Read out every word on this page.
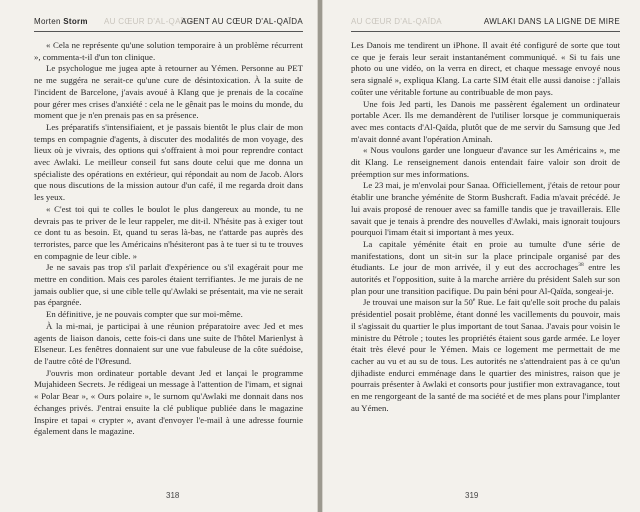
Morten Storm AU CŒUR D'AL-QAÏDA
AGENT AU CŒUR D'AL-QAÏDA

« Cela ne représente qu'une solution temporaire à un problème récurrent », commenta-t-il d'un ton clinique.

Le psychologue me jugea apte à retourner au Yémen. Personne au PET ne me suggéra ne serait-ce qu'une cure de désintoxication. À la suite de l'incident de Barcelone, j'avais avoué à Klang que je prenais de la cocaïne pour gérer mes crises d'anxiété : cela ne le gênait pas le moins du monde, du moment que je n'en prenais pas en sa présence.

Les préparatifs s'intensifiaient, et je passais bientôt le plus clair de mon temps en compagnie d'agents, à discuter des modalités de mon voyage, des lieux où je vivrais, des options qui s'offraient à moi pour reprendre contact avec Awlaki. Le meilleur conseil fut sans doute celui que me donna un spécialiste des opérations en extérieur, qui répondait au nom de Jacob. Alors que nous discutions de la mission autour d'un café, il me regarda droit dans les yeux.

« C'est toi qui te colles le boulot le plus dangereux au monde, tu ne devrais pas te priver de le leur rappeler, me dit-il. N'hésite pas à exiger tout ce dont tu as besoin. Et, quand tu seras là-bas, ne t'attarde pas auprès des terroristes, parce que les Américains n'hésiteront pas à te tuer si tu te trouves en compagnie de leur cible. »

Je ne savais pas trop s'il parlait d'expérience ou s'il exagérait pour me mettre en condition. Mais ces paroles étaient terrifiantes. Je me jurais de ne jamais oublier que, si une cible telle qu'Awlaki se présentait, ma vie ne serait pas épargnée.

En définitive, je ne pouvais compter que sur moi-même.

À la mi-mai, je participai à une réunion préparatoire avec Jed et mes agents de liaison danois, cette fois-ci dans une suite de l'hôtel Marienlyst à Elseneur. Les fenêtres donnaient sur une vue fabuleuse de la côte suédoise, de l'autre côté de l'Øresund.

J'ouvris mon ordinateur portable devant Jed et lançai le programme Mujahideen Secrets. Je rédigeai un message à l'attention de l'imam, et signai « Polar Bear », « Ours polaire », le surnom qu'Awlaki me donnait dans nos échanges privés. J'entrai ensuite la clé publique publiée dans le magazine Inspire et tapai « crypter », avant d'envoyer l'e-mail à une adresse fournie également dans le magazine.

318
AU CŒUR D'AL-QAÏDA	AWLAKI DANS LA LIGNE DE MIRE

Les Danois me tendirent un iPhone. Il avait été configuré de sorte que tout ce que je ferais leur serait instantanément communiqué. « Si tu fais une photo ou une vidéo, on la verra en direct, et chaque message envoyé nous sera signalé », expliqua Klang. La carte SIM était elle aussi danoise : j'allais coûter une véritable fortune au contribuable de mon pays.

Une fois Jed parti, les Danois me passèrent également un ordinateur portable Acer. Ils me demandèrent de l'utiliser lorsque je communiquerais avec mes contacts d'Al-Qaïda, plutôt que de me servir du Samsung que Jed m'avait donné avant l'opération Aminah.

« Nous voulons garder une longueur d'avance sur les Américains », me dit Klang. Le renseignement danois entendait faire valoir son droit de préemption sur mes informations.

Le 23 mai, je m'envolai pour Sanaa. Officiellement, j'étais de retour pour établir une branche yéménite de Storm Bushcraft. Fadia m'avait précédé. Je lui avais proposé de renouer avec sa famille tandis que je travaillerais. Elle savait que je tenais à prendre des nouvelles d'Awlaki, mais ignorait toujours pourquoi l'imam était si important à mes yeux.

La capitale yéménite était en proie au tumulte d'une série de manifestations, dont un sit-in sur la place principale organisé par des étudiants. Le jour de mon arrivée, il y eut des accrochages$^{38}$ entre les autorités et l'opposition, suite à la marche arrière du président Saleh sur son plan pour une transition pacifique. Du pain béni pour Al-Qaïda, songeai-je.

Je trouvai une maison sur la 50e Rue. Le fait qu'elle soit proche du palais présidentiel posait problème, étant donné les vacillements du pouvoir, mais il s'agissait du quartier le plus important de tout Sanaa. J'avais pour voisin le ministre du Pétrole ; toutes les propriétés étaient sous garde armée. Le loyer était très élevé pour le Yémen. Mais ce logement me permettait de me cacher au vu et au su de tous. Les autorités ne s'attendraient pas à ce qu'un djihadiste endurci emménage dans le quartier des ministres, raison que je pourrais présenter à Awlaki et consorts pour justifier mon extravagance, tout en me rengorgeant de la santé de ma société et de mes plans pour l'implanter au Yémen.

319
